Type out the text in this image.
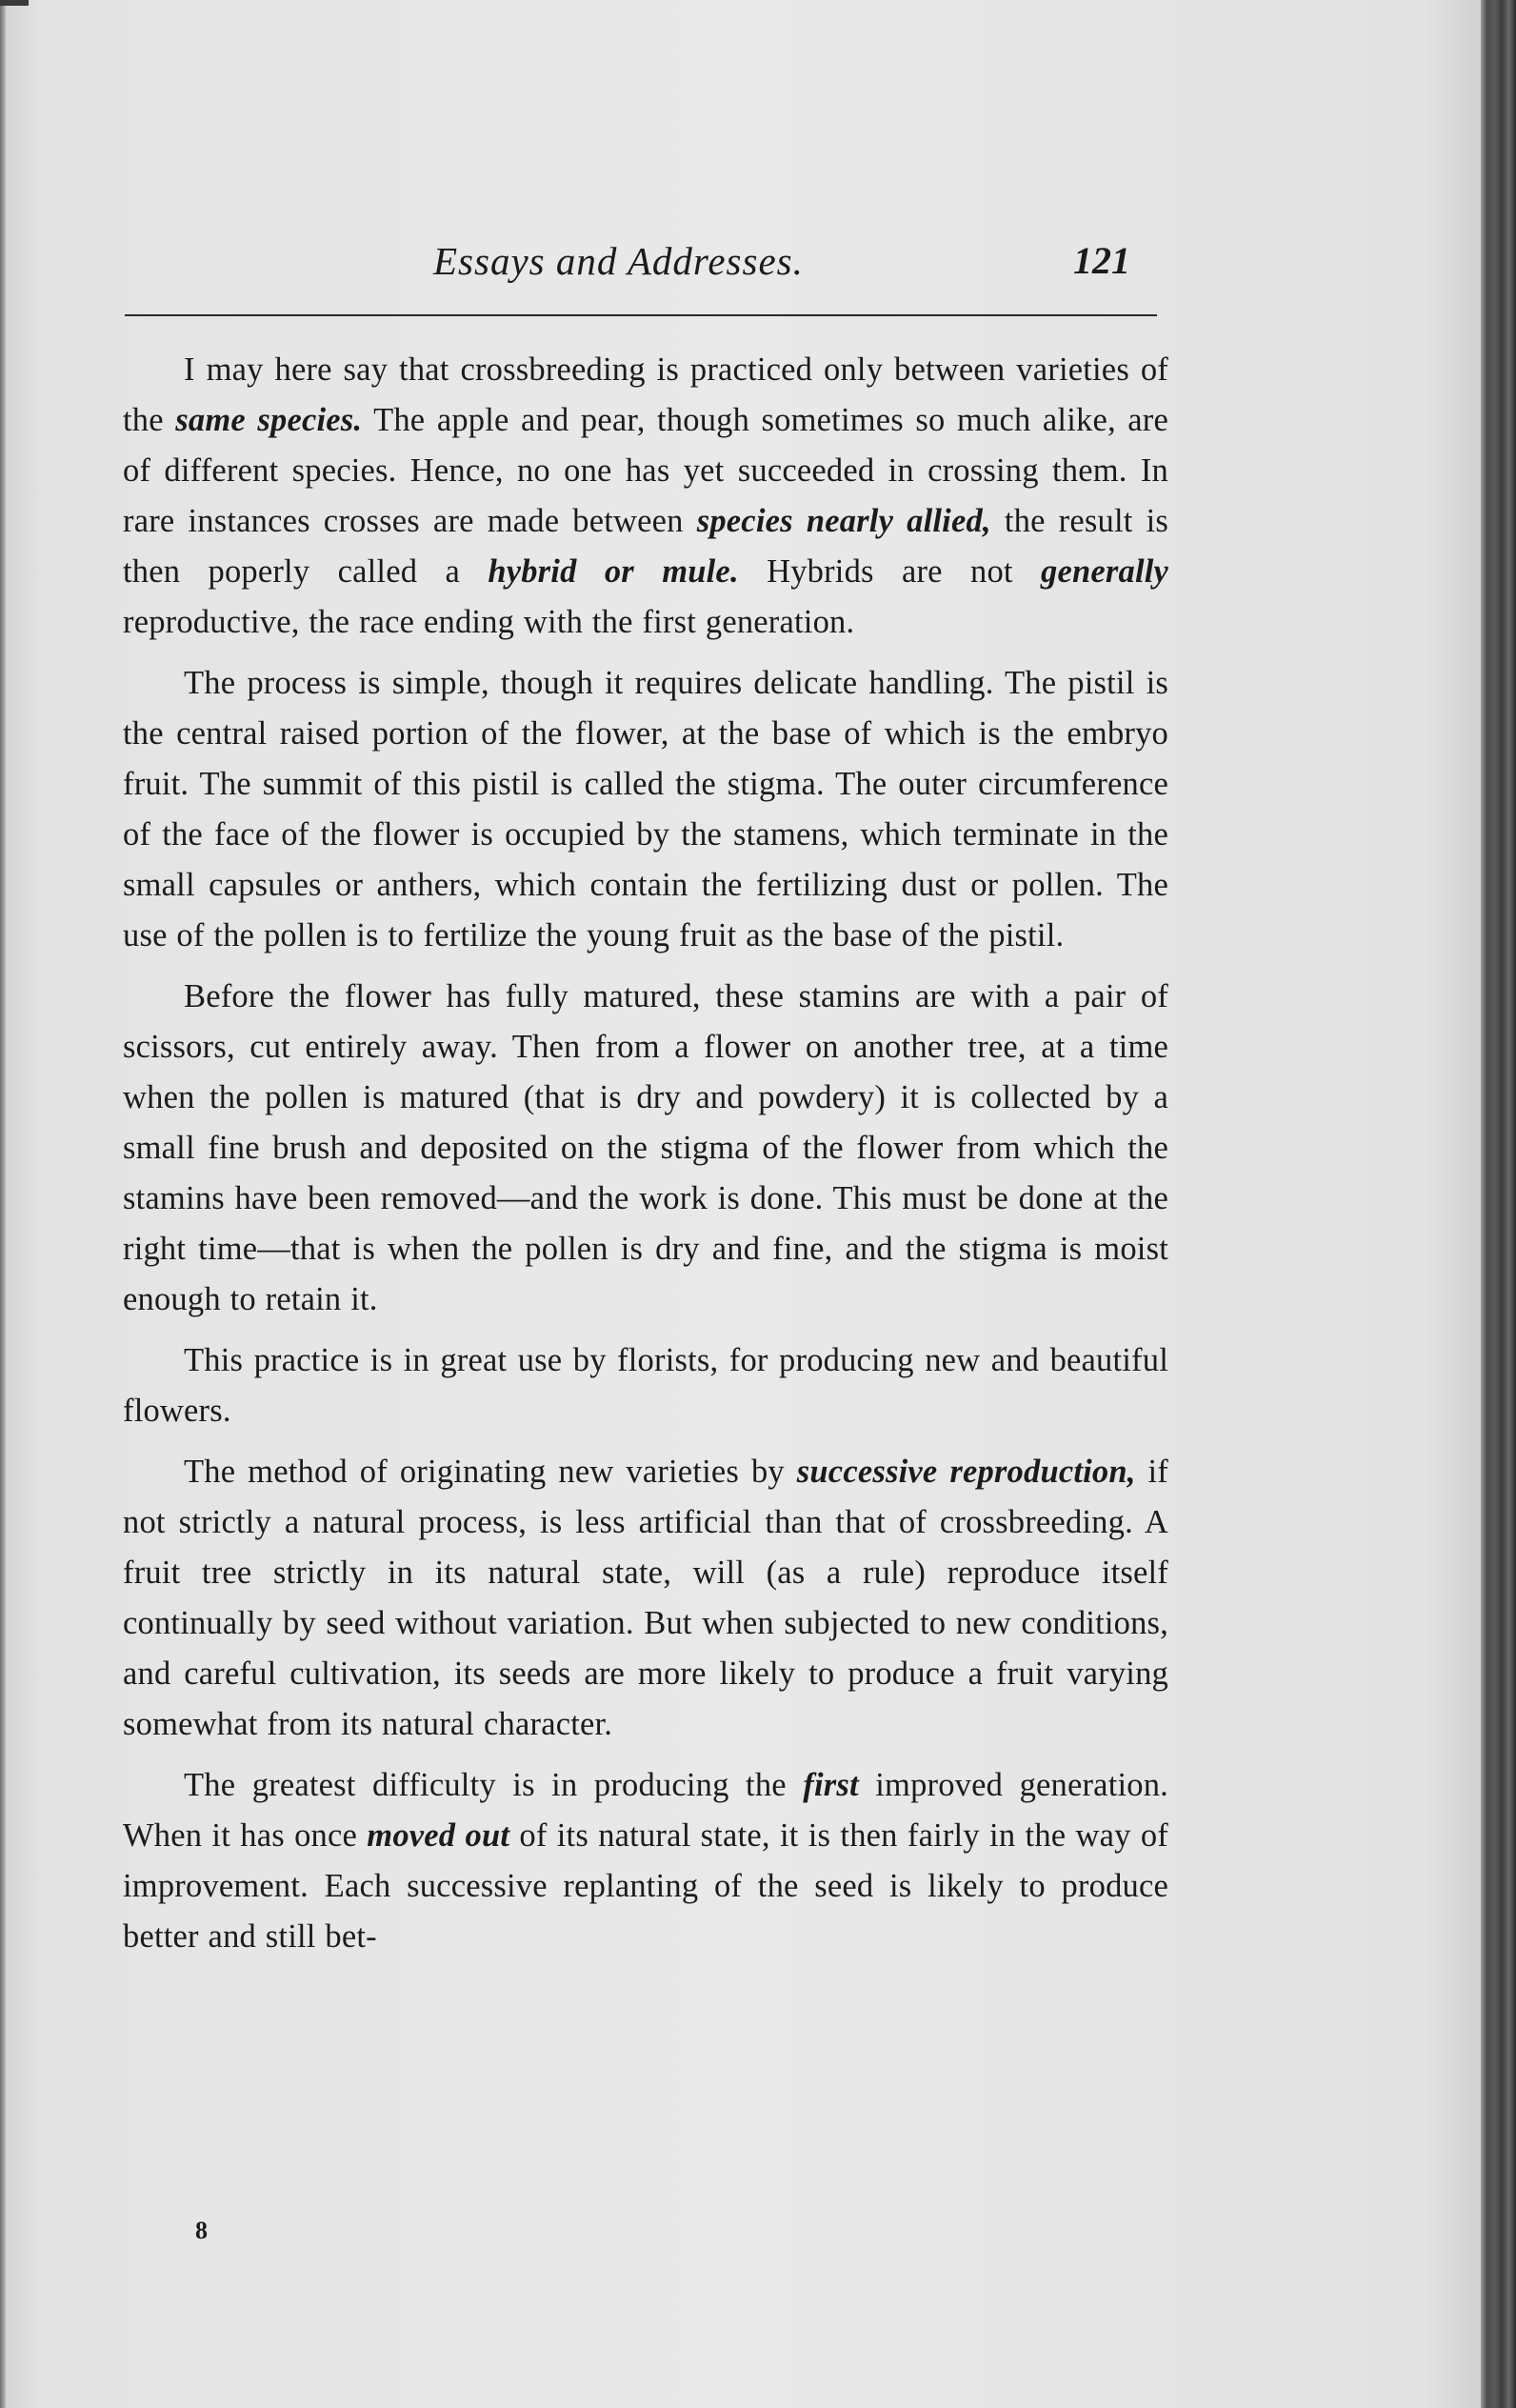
Essays and Addresses.	121

I may here say that crossbreeding is practiced only between varieties of the same species. The apple and pear, though sometimes so much alike, are of different species. Hence, no one has yet succeeded in crossing them. In rare instances crosses are made between species nearly allied, the result is then poperly called a hybrid or mule. Hybrids are not generally reproductive, the race ending with the first generation.

The process is simple, though it requires delicate handling. The pistil is the central raised portion of the flower, at the base of which is the embryo fruit. The summit of this pistil is called the stigma. The outer circumference of the face of the flower is occupied by the stamens, which terminate in the small capsules or anthers, which contain the fertilizing dust or pollen. The use of the pollen is to fertilize the young fruit as the base of the pistil.

Before the flower has fully matured, these stamins are with a pair of scissors, cut entirely away. Then from a flower on another tree, at a time when the pollen is matured (that is dry and powdery) it is collected by a small fine brush and deposited on the stigma of the flower from which the stamins have been removed—and the work is done. This must be done at the right time—that is when the pollen is dry and fine, and the stigma is moist enough to retain it.

This practice is in great use by florists, for producing new and beautiful flowers.

The method of originating new varieties by successive reproduction, if not strictly a natural process, is less artificial than that of crossbreeding. A fruit tree strictly in its natural state, will (as a rule) reproduce itself continually by seed without variation. But when subjected to new conditions, and careful cultivation, its seeds are more likely to produce a fruit varying somewhat from its natural character.

The greatest difficulty is in producing the first improved generation. When it has once moved out of its natural state, it is then fairly in the way of improvement. Each successive replanting of the seed is likely to produce better and still bet-

8
